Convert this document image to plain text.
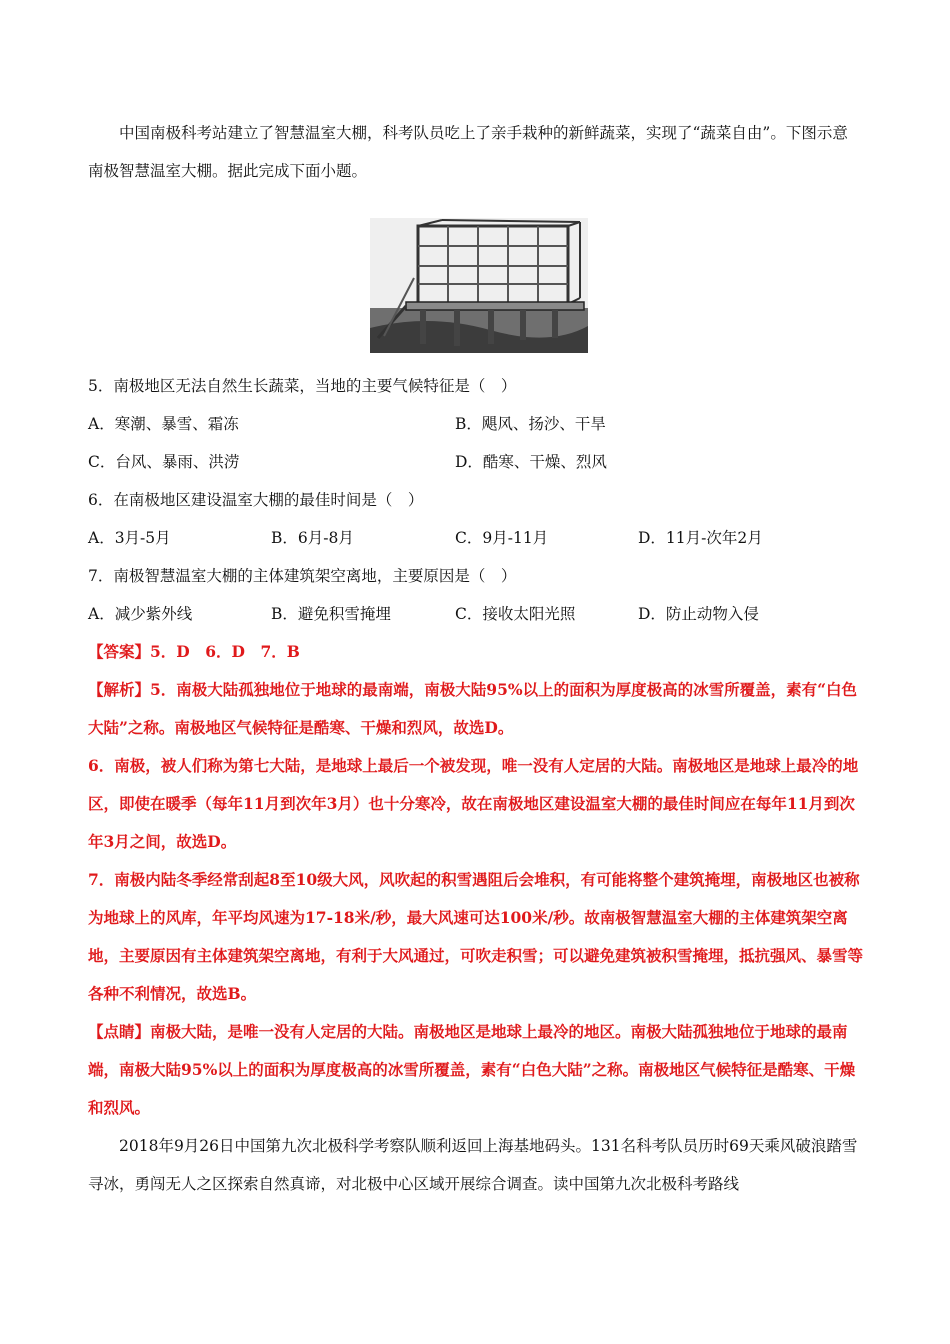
中国南极科考站建立了智慧温室大棚，科考队员吃上了亲手栽种的新鲜蔬菜，实现了“蔬菜自由”。下图示意南极智慧温室大棚。据此完成下面小题。

5．南极地区无法自然生长蔬菜，当地的主要气候特征是（　）

A．寒潮、暴雪、霜冻	B．飓风、扬沙、干旱
C．台风、暴雨、洪涝	D．酷寒、干燥、烈风

6．在南极地区建设温室大棚的最佳时间是（　）

A．3月-5月	B．6月-8月	C．9月-11月	D．11月-次年2月

7．南极智慧温室大棚的主体建筑架空离地，主要原因是（　）

A．减少紫外线	B．避免积雪掩埋	C．接收太阳光照	D．防止动物入侵

【答案】5．D　6．D　7．B

【解析】5．南极大陆孤独地位于地球的最南端，南极大陆95%以上的面积为厚度极高的冰雪所覆盖，素有“白色大陆”之称。南极地区气候特征是酷寒、干燥和烈风，故选D。

6．南极，被人们称为第七大陆，是地球上最后一个被发现，唯一没有人定居的大陆。南极地区是地球上最冷的地区，即使在暖季（每年11月到次年3月）也十分寒冷，故在南极地区建设温室大棚的最佳时间应在每年11月到次年3月之间，故选D。

7．南极内陆冬季经常刮起8至10级大风，风吹起的积雪遇阻后会堆积，有可能将整个建筑掩埋，南极地区也被称为地球上的风库，年平均风速为17-18米/秒，最大风速可达100米/秒。故南极智慧温室大棚的主体建筑架空离地，主要原因有主体建筑架空离地，有利于大风通过，可吹走积雪；可以避免建筑被积雪掩埋，抵抗强风、暴雪等各种不利情况，故选B。

【点睛】南极大陆，是唯一没有人定居的大陆。南极地区是地球上最冷的地区。南极大陆孤独地位于地球的最南端，南极大陆95%以上的面积为厚度极高的冰雪所覆盖，素有“白色大陆”之称。南极地区气候特征是酷寒、干燥和烈风。

2018年9月26日中国第九次北极科学考察队顺利返回上海基地码头。131名科考队员历时69天乘风破浪踏雪寻冰，勇闯无人之区探索自然真谛，对北极中心区域开展综合调查。读中国第九次北极科考路线
